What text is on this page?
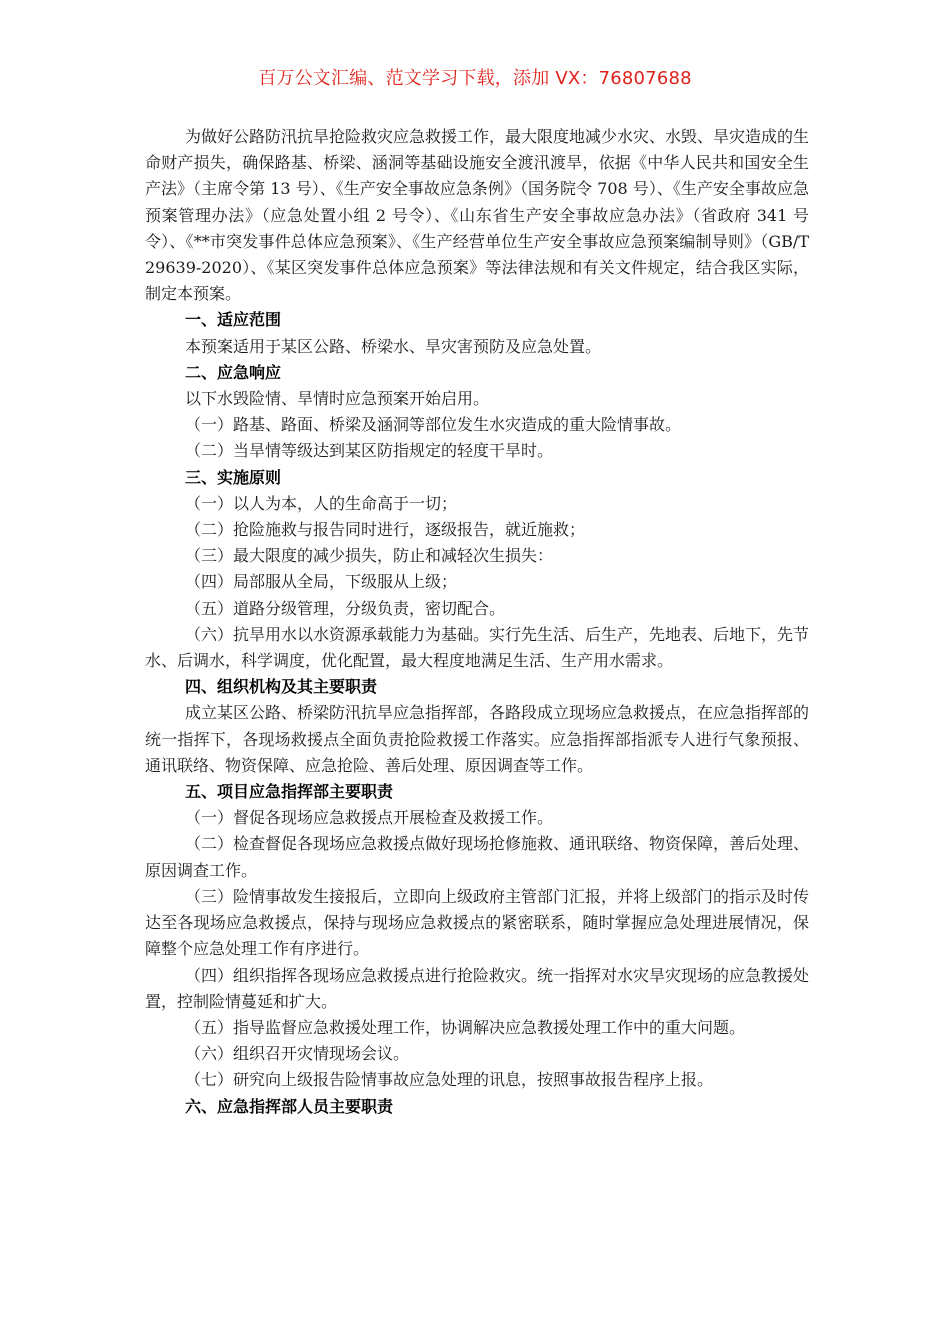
百万公文汇编、范文学习下载，添加 VX：76807688

为做好公路防汛抗旱抢险救灾应急救援工作，最大限度地减少水灾、水毁、旱灾造成的生命财产损失，确保路基、桥梁、涵洞等基础设施安全渡汛渡旱，依据《中华人民共和国安全生产法》（主席令第 13 号）、《生产安全事故应急条例》（国务院令 708 号）、《生产安全事故应急预案管理办法》（应急处置小组 2 号令）、《山东省生产安全事故应急办法》（省政府 341 号令）、《**市突发事件总体应急预案》、《生产经营单位生产安全事故应急预案编制导则》（GB/T29639-2020）、《某区突发事件总体应急预案》等法律法规和有关文件规定，结合我区实际，制定本预案。

一、适应范围

本预案适用于某区公路、桥梁水、旱灾害预防及应急处置。

二、应急响应

以下水毁险情、旱情时应急预案开始启用。

（一）路基、路面、桥梁及涵洞等部位发生水灾造成的重大险情事故。

（二）当旱情等级达到某区防指规定的轻度干旱时。

三、实施原则

（一）以人为本，人的生命高于一切；

（二）抢险施救与报告同时进行，逐级报告，就近施救；

（三）最大限度的减少损失，防止和减轻次生损失：

（四）局部服从全局，下级服从上级；

（五）道路分级管理，分级负责，密切配合。

（六）抗旱用水以水资源承载能力为基础。实行先生活、后生产，先地表、后地下，先节水、后调水，科学调度，优化配置，最大程度地满足生活、生产用水需求。

四、组织机构及其主要职责

成立某区公路、桥梁防汛抗旱应急指挥部，各路段成立现场应急救援点，在应急指挥部的统一指挥下，各现场救援点全面负责抢险救援工作落实。应急指挥部指派专人进行气象预报、通讯联络、物资保障、应急抢险、善后处理、原因调查等工作。

五、项目应急指挥部主要职责

（一）督促各现场应急救援点开展检查及救援工作。

（二）检查督促各现场应急救援点做好现场抢修施救、通讯联络、物资保障，善后处理、原因调查工作。

（三）险情事故发生接报后，立即向上级政府主管部门汇报，并将上级部门的指示及时传达至各现场应急救援点，保持与现场应急救援点的紧密联系，随时掌握应急处理进展情况，保障整个应急处理工作有序进行。

（四）组织指挥各现场应急救援点进行抢险救灾。统一指挥对水灾旱灾现场的应急教援处置，控制险情蔓延和扩大。

（五）指导监督应急救援处理工作，协调解决应急教援处理工作中的重大问题。

（六）组织召开灾情现场会议。

（七）研究向上级报告险情事故应急处理的讯息，按照事故报告程序上报。

六、应急指挥部人员主要职责
